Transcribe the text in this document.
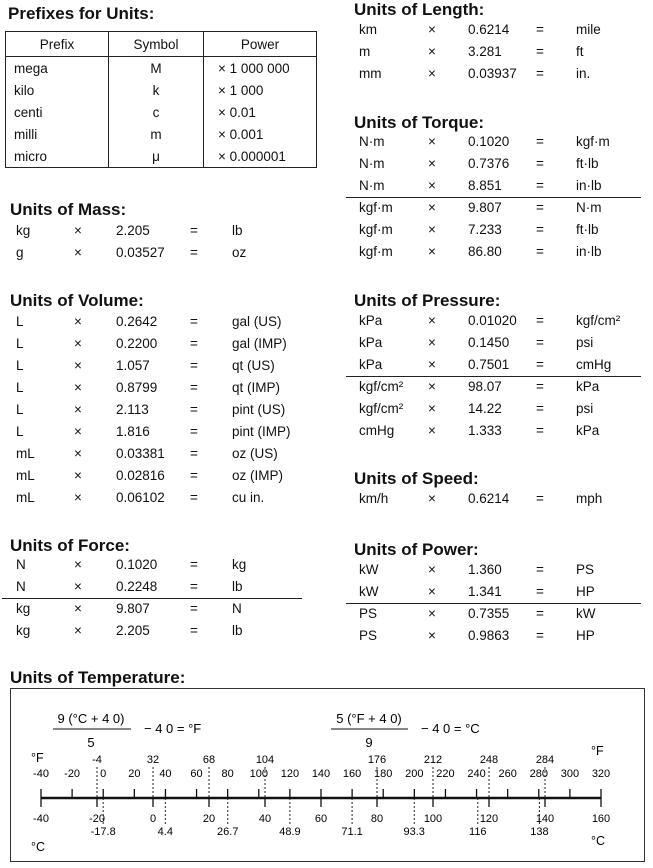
Prefixes for Units:
Prefix	Symbol	Power
mega	M	× 1 000 000
kilo	k	× 1 000
centi	c	× 0.01
milli	m	× 0.001
micro	μ	× 0.000001
Units of Mass:
kg	×	2.205	=	lb
g	×	0.03527 =	oz
Units of Volume:
L	×	0.2642 =	gal (US)
L	×	0.2200 =	gal (IMP)
L	×	1.057	=	qt (US)
L	×	0.8799 =	qt (IMP)
L	×	2.113	=	pint (US)
L	×	1.816	=	pint (IMP)
mL	×	0.03381 =	oz (US)
mL	×	0.02816 =	oz (IMP)
mL	×	0.06102 =	cu in.
Units of Force:
N	×	0.1020 =	kg
N	×	0.2248 =	lb
kg	×	9.807	=	N
kg	×	2.205	=	lb
Units of Length:
km	× 0.6214 = mile
m	× 3.281	= ft
mm	× 0.03937 = in.
Units of Torque:
N·m	× 0.1020 = kgf·m
N·m	× 0.7376 = ft·lb
N·m	× 8.851	= in·lb
kgf·m	× 9.807	= N·m
kgf·m	× 7.233	= ft·lb
kgf·m	× 86.80	= in·lb
Units of Pressure:
kPa	× 0.01020 = kgf/cm²
kPa	× 0.1450 = psi
kPa	× 0.7501 = cmHg
kgf/cm² × 98.07	= kPa
kgf/cm² × 14.22	= psi
cmHg × 1.333	= kPa
Units of Speed:
km/h	× 0.6214 = mph
Units of Power:
kW	× 1.360	= PS
kW	× 1.341	= HP
PS	× 0.7355 = kW
PS	× 0.9863 = HP
Units of Temperature:
9 (°C + 4 0)
5
− 4 0 = °F
5 (°F + 4 0)
9
− 4 0 = °C
°F	°F
°C	°C
-40 -20
-4
0 20
32
40 60
68
80 100
104
120 140 160
176
180 200
212
220 240
248
260 280
284
300 320
-40	-20
-17.8
0
4.4
20
26.7
40
48.9
60
71.1
80
93.3
100
116
120
138
140	160
